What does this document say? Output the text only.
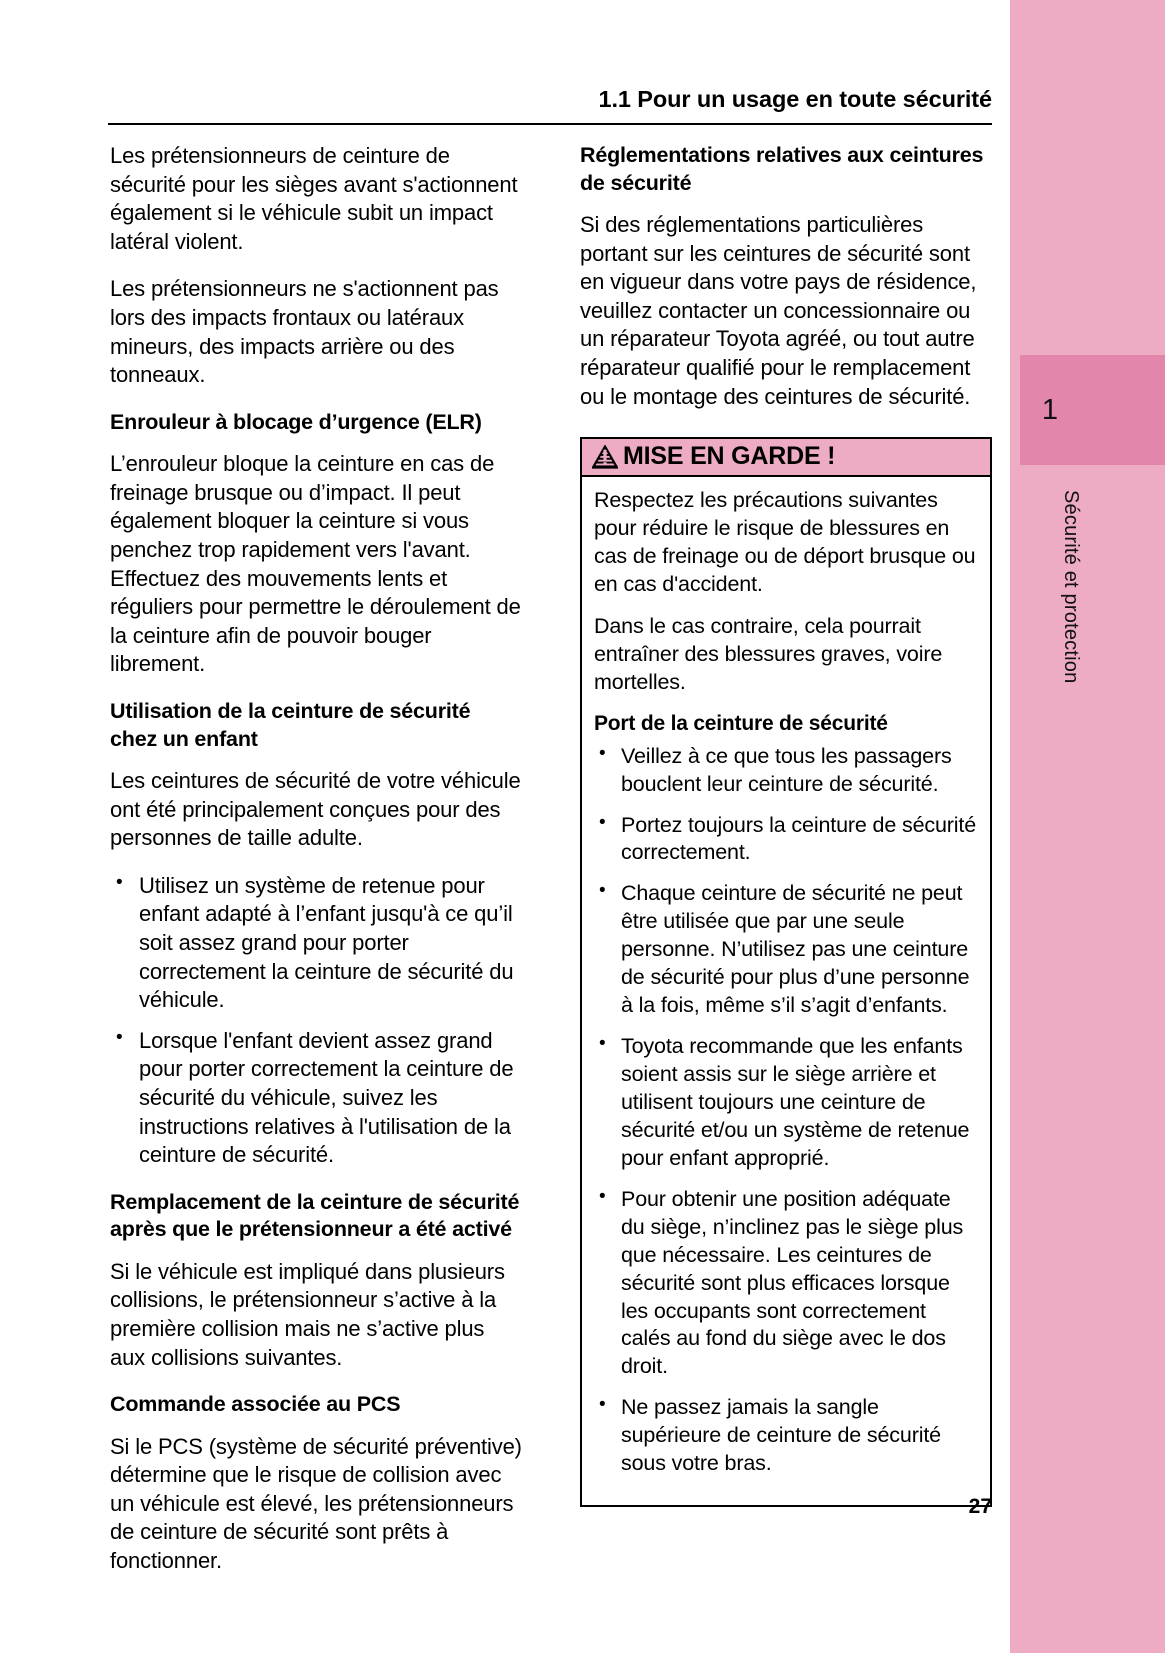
1
Sécurité et protection
1.1 Pour un usage en toute sécurité

Les prétensionneurs de ceinture de sécurité pour les sièges avant s'actionnent également si le véhicule subit un impact latéral violent.

Les prétensionneurs ne s'actionnent pas lors des impacts frontaux ou latéraux mineurs, des impacts arrière ou des tonneaux.

Enrouleur à blocage d’urgence (ELR)

L’enrouleur bloque la ceinture en cas de freinage brusque ou d’impact. Il peut également bloquer la ceinture si vous penchez trop rapidement vers l'avant. Effectuez des mouvements lents et réguliers pour permettre le déroulement de la ceinture afin de pouvoir bouger librement.

Utilisation de la ceinture de sécurité chez un enfant

Les ceintures de sécurité de votre véhicule ont été principalement conçues pour des personnes de taille adulte.

• Utilisez un système de retenue pour enfant adapté à l’enfant jusqu'à ce qu’il soit assez grand pour porter correctement la ceinture de sécurité du véhicule.
• Lorsque l'enfant devient assez grand pour porter correctement la ceinture de sécurité du véhicule, suivez les instructions relatives à l'utilisation de la ceinture de sécurité.
Remplacement de la ceinture de sécurité après que le prétensionneur a été activé

Si le véhicule est impliqué dans plusieurs collisions, le prétensionneur s’active à la première collision mais ne s’active plus aux collisions suivantes.

Commande associée au PCS

Si le PCS (système de sécurité préventive) détermine que le risque de collision avec un véhicule est élevé, les prétensionneurs de ceinture de sécurité sont prêts à fonctionner.

Réglementations relatives aux ceintures de sécurité

Si des réglementations particulières portant sur les ceintures de sécurité sont en vigueur dans votre pays de résidence, veuillez contacter un concessionnaire ou un réparateur Toyota agréé, ou tout autre réparateur qualifié pour le remplacement ou le montage des ceintures de sécurité.

MISE EN GARDE !

Respectez les précautions suivantes pour réduire le risque de blessures en cas de freinage ou de déport brusque ou en cas d'accident.

Dans le cas contraire, cela pourrait entraîner des blessures graves, voire mortelles.

Port de la ceinture de sécurité
• Veillez à ce que tous les passagers bouclent leur ceinture de sécurité.
• Portez toujours la ceinture de sécurité correctement.
• Chaque ceinture de sécurité ne peut être utilisée que par une seule personne. N’utilisez pas une ceinture de sécurité pour plus d’une personne à la fois, même s’il s’agit d’enfants.
• Toyota recommande que les enfants soient assis sur le siège arrière et utilisent toujours une ceinture de sécurité et/ou un système de retenue pour enfant approprié.
• Pour obtenir une position adéquate du siège, n’inclinez pas le siège plus que nécessaire. Les ceintures de sécurité sont plus efficaces lorsque les occupants sont correctement calés au fond du siège avec le dos droit.
• Ne passez jamais la sangle supérieure de ceinture de sécurité sous votre bras.
27
